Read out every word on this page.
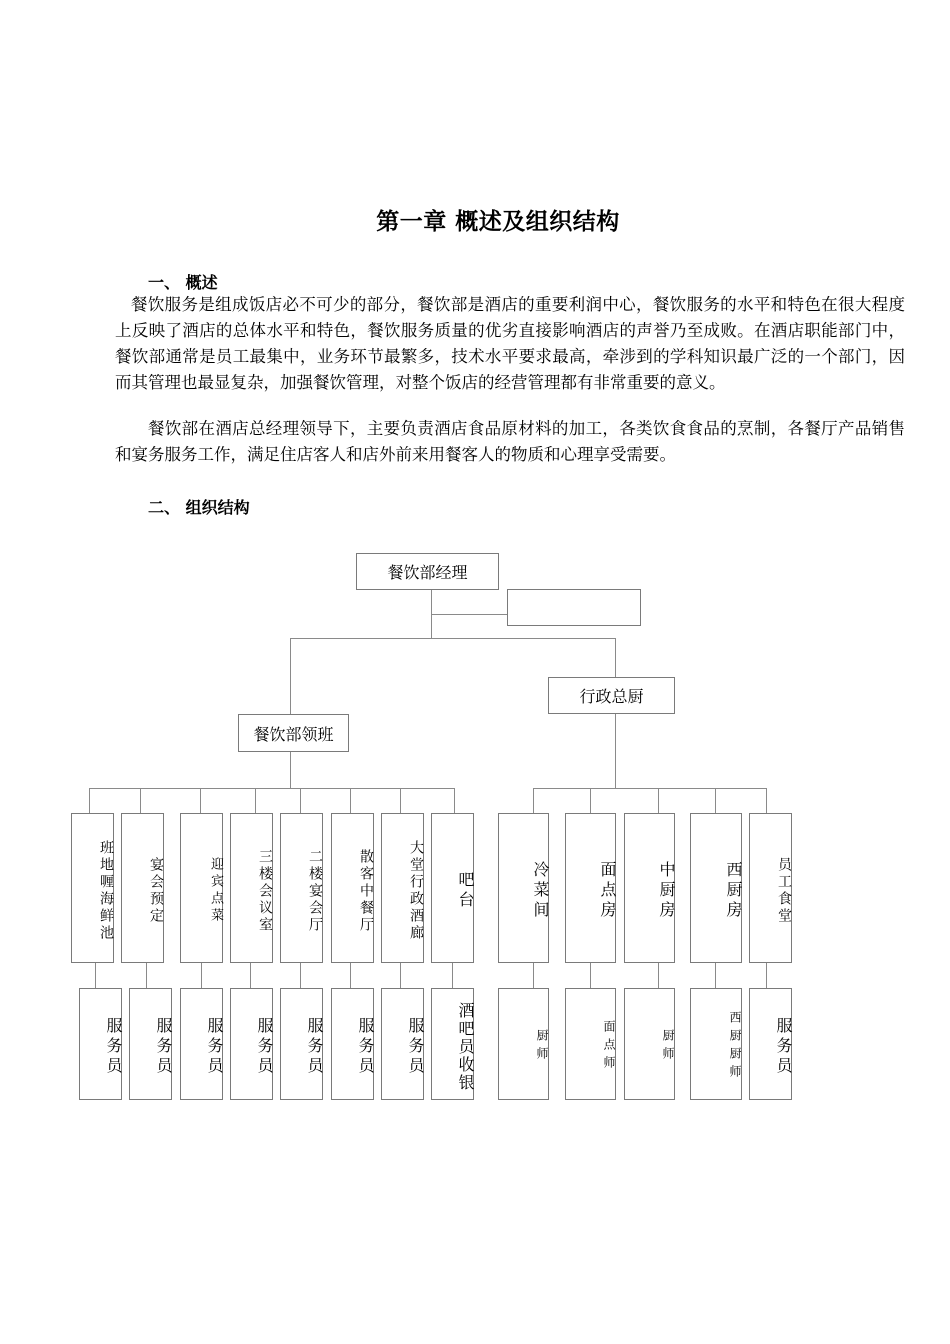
第一章 概述及组织结构
一、 概述

餐饮服务是组成饭店必不可少的部分，餐饮部是酒店的重要利润中心，餐饮服务的水平和特色在很大程度上反映了酒店的总体水平和特色，餐饮服务质量的优劣直接影响酒店的声誉乃至成败。在酒店职能部门中，餐饮部通常是员工最集中，业务环节最繁多，技术水平要求最高，牵涉到的学科知识最广泛的一个部门，因而其管理也最显复杂，加强餐饮管理，对整个饭店的经营管理都有非常重要的意义。

餐饮部在酒店总经理领导下，主要负责酒店食品原材料的加工，各类饮食食品的烹制，各餐厅产品销售和宴务服务工作，满足住店客人和店外前来用餐客人的物质和心理享受需要。

二、 组织结构
餐饮部经理
行政总厨
餐饮部领班
班地喱海鲜池	宴会预定	迎宾点菜	三楼会议室	二楼宴会厅	散客中餐厅	大堂行政酒廊	吧台	冷菜间	面点房	中厨房	西厨房	员工食堂
服务员	服务员	服务员	服务员	服务员	服务员	服务员	酒吧员收银	厨师	面点师	厨师	西厨厨师	服务员
